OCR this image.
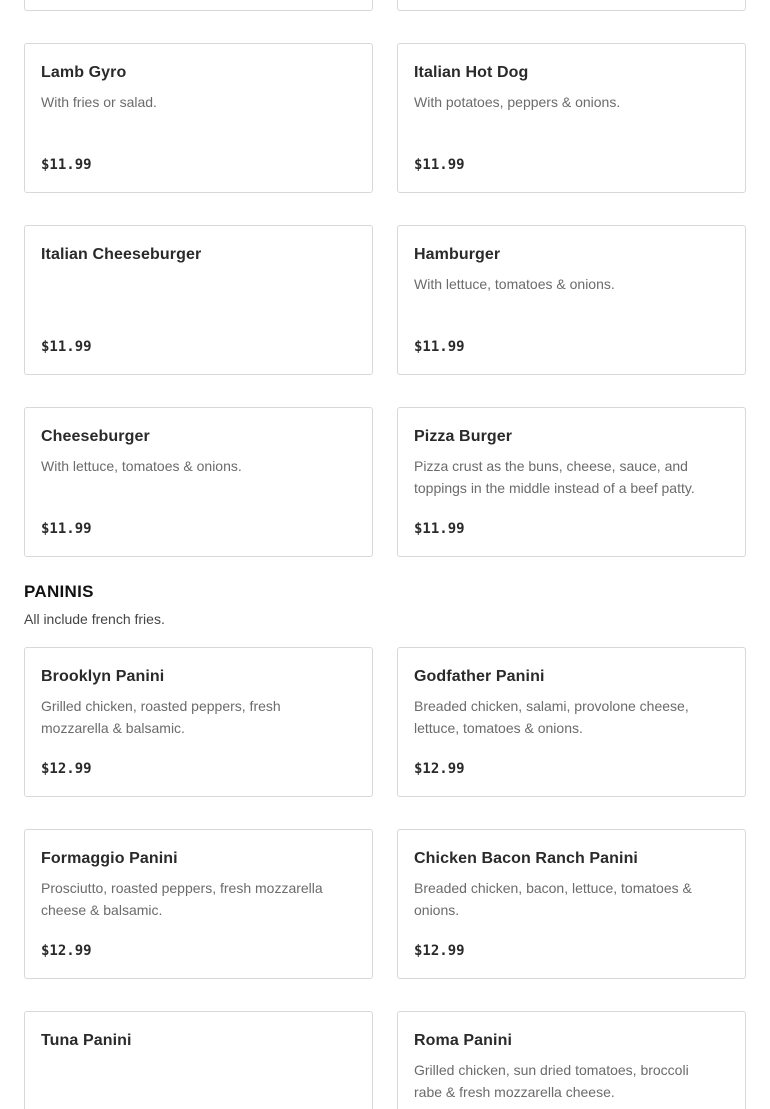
Lamb Gyro
With fries or salad.
$11.99
Italian Hot Dog
With potatoes, peppers & onions.
$11.99
Italian Cheeseburger
$11.99
Hamburger
With lettuce, tomatoes & onions.
$11.99
Cheeseburger
With lettuce, tomatoes & onions.
$11.99
Pizza Burger
Pizza crust as the buns, cheese, sauce, and toppings in the middle instead of a beef patty.
$11.99
PANINIS
All include french fries.
Brooklyn Panini
Grilled chicken, roasted peppers, fresh mozzarella & balsamic.
$12.99
Godfather Panini
Breaded chicken, salami, provolone cheese, lettuce, tomatoes & onions.
$12.99
Formaggio Panini
Prosciutto, roasted peppers, fresh mozzarella cheese & balsamic.
$12.99
Chicken Bacon Ranch Panini
Breaded chicken, bacon, lettuce, tomatoes & onions.
$12.99
Tuna Panini	Roma Panini
Grilled chicken, sun dried tomatoes, broccoli rabe & fresh mozzarella cheese.
